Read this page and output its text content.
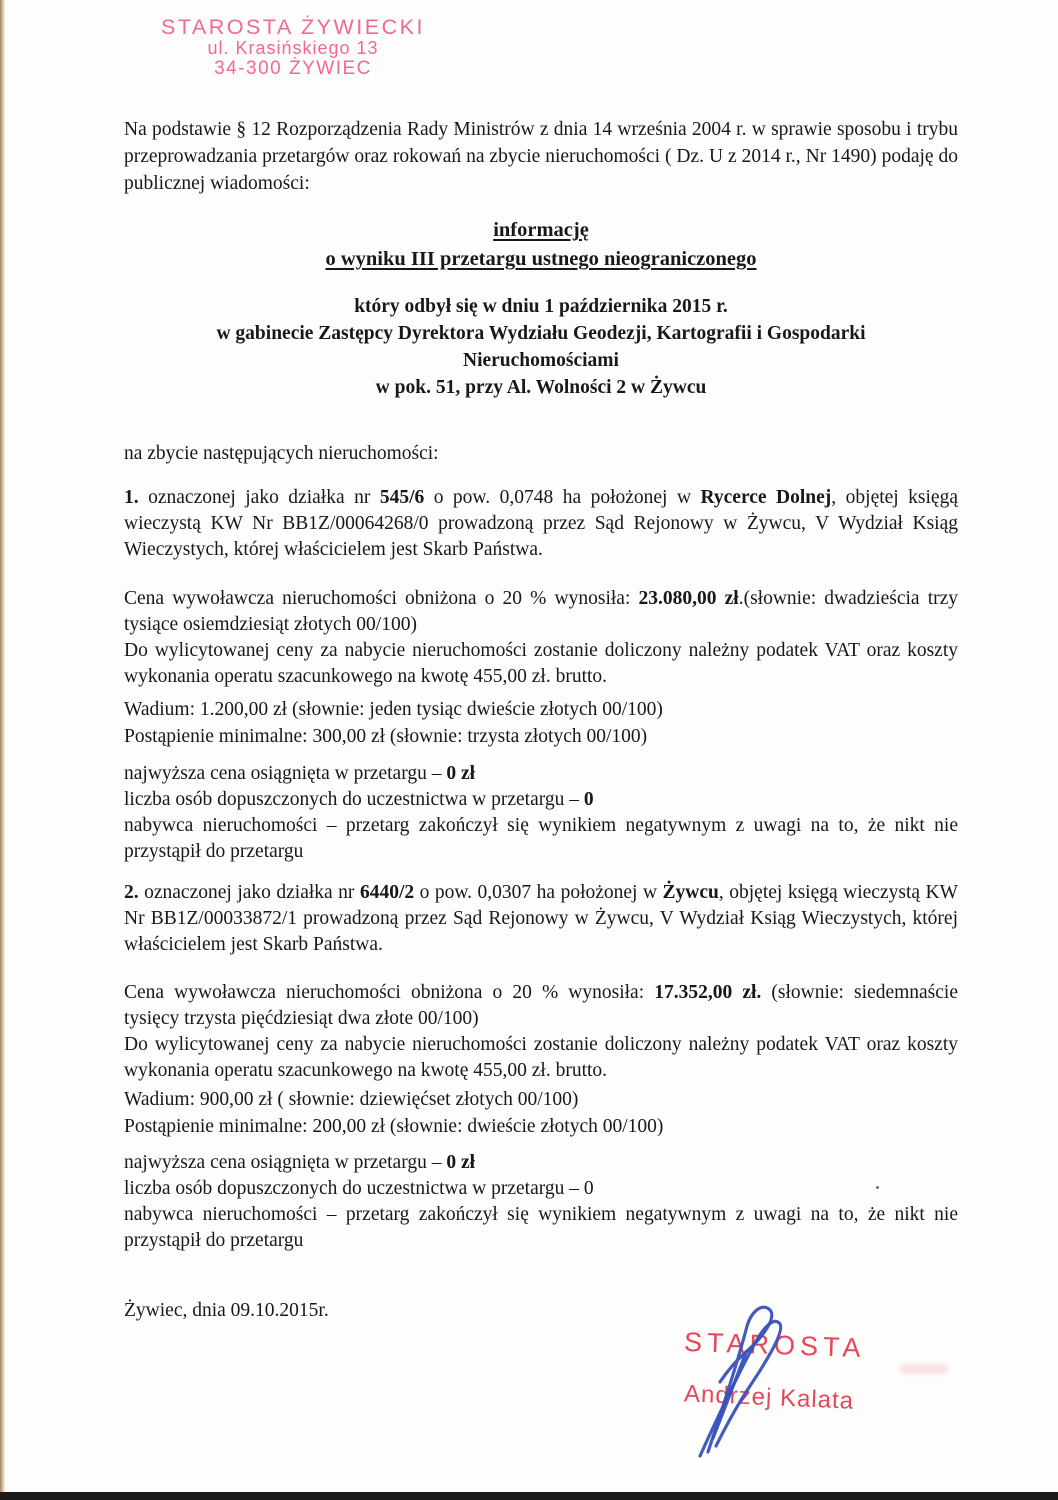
STAROSTA ŻYWIECKI
ul. Krasińskiego 13
34-300 ŻYWIEC
Na podstawie § 12 Rozporządzenia Rady Ministrów z dnia 14 września 2004 r. w sprawie sposobu i trybu przeprowadzania przetargów oraz rokowań na zbycie nieruchomości ( Dz. U z 2014 r., Nr 1490) podaję do publicznej wiadomości:
informację
o wyniku III przetargu ustnego nieograniczonego

który odbył się w dniu 1 października 2015 r.

w gabinecie Zastępcy Dyrektora Wydziału Geodezji, Kartografii i Gospodarki

Nieruchomościami

w pok. 51, przy Al. Wolności 2 w Żywcu

na zbycie następujących nieruchomości:
1. oznaczonej jako działka nr 545/6 o pow. 0,0748 ha położonej w Rycerce Dolnej, objętej księgą wieczystą KW Nr BB1Z/00064268/0 prowadzoną przez Sąd Rejonowy w Żywcu, V Wydział Ksiąg Wieczystych, której właścicielem jest Skarb Państwa.

Cena wywoławcza nieruchomości obniżona o 20 % wynosiła: 23.080,00 zł.(słownie: dwadzieścia trzy tysiące osiemdziesiąt złotych 00/100)

Do wylicytowanej ceny za nabycie nieruchomości zostanie doliczony należny podatek VAT oraz koszty wykonania operatu szacunkowego na kwotę 455,00 zł. brutto.

Wadium: 1.200,00 zł (słownie: jeden tysiąc dwieście złotych 00/100)

Postąpienie minimalne: 300,00 zł (słownie: trzysta złotych 00/100)

najwyższa cena osiągnięta w przetargu – 0 zł

liczba osób dopuszczonych do uczestnictwa w przetargu – 0

nabywca nieruchomości – przetarg zakończył się wynikiem negatywnym z uwagi na to, że nikt nie przystąpił do przetargu

2. oznaczonej jako działka nr 6440/2 o pow. 0,0307 ha położonej w Żywcu, objętej księgą wieczystą KW Nr BB1Z/00033872/1 prowadzoną przez Sąd Rejonowy w Żywcu, V Wydział Ksiąg Wieczystych, której właścicielem jest Skarb Państwa.

Cena wywoławcza nieruchomości obniżona o 20 % wynosiła: 17.352,00 zł. (słownie: siedemnaście tysięcy trzysta pięćdziesiąt dwa złote 00/100)

Do wylicytowanej ceny za nabycie nieruchomości zostanie doliczony należny podatek VAT oraz koszty wykonania operatu szacunkowego na kwotę 455,00 zł. brutto.

Wadium: 900,00 zł ( słownie: dziewięćset złotych 00/100)

Postąpienie minimalne: 200,00 zł (słownie: dwieście złotych 00/100)

najwyższa cena osiągnięta w przetargu – 0 zł

liczba osób dopuszczonych do uczestnictwa w przetargu – 0

nabywca nieruchomości – przetarg zakończył się wynikiem negatywnym z uwagi na to, że nikt nie przystąpił do przetargu

Żywiec, dnia 09.10.2015r.
STAROSTA
Andrzej Kalata
